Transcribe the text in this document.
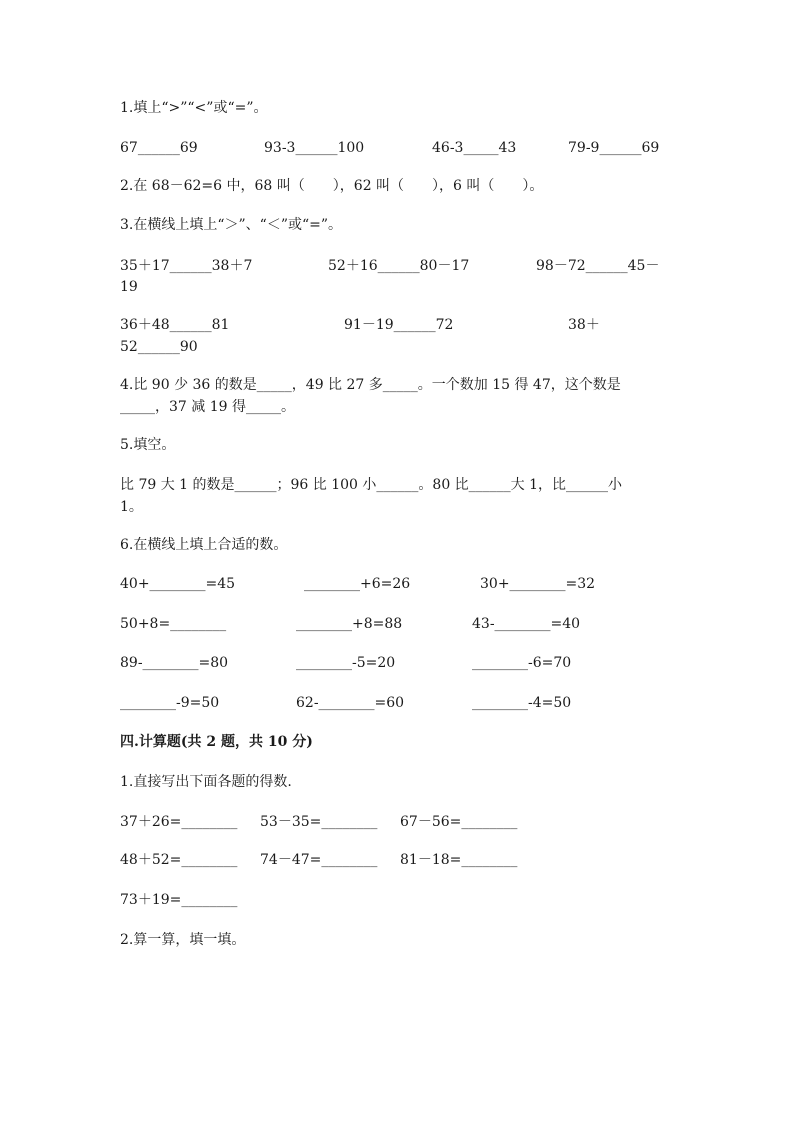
1.填上“>”“<”或“=”。
67______69	93-3______100	46-3_____43	79-9______69
2.在 68－62=6 中，68 叫（　　），62 叫（　　），6 叫（　　）。
3.在横线上填上“＞”、“＜”或“=”。
35＋17______38＋7	52＋16______80－17	98－72______45－
19
36＋48______81	91－19______72	38＋
52______90
4.比 90 少 36 的数是_____，49 比 27 多_____。一个数加 15 得 47，这个数是
_____，37 减 19 得_____。
5.填空。
比 79 大 1 的数是______；96 比 100 小______。80 比______大 1，比______小
1。
6.在横线上填上合适的数。
40+________=45	________+6=26	30+________=32
50+8=________	________+8=88	43-________=40
89-________=80	________-5=20	________-6=70
________-9=50	62-________=60	________-4=50
四.计算题(共 2 题，共 10 分)
1.直接写出下面各题的得数.
37＋26=________ 53－35=________ 67－56=________
48＋52=________ 74－47=________ 81－18=________
73＋19=________
2.算一算，填一填。
